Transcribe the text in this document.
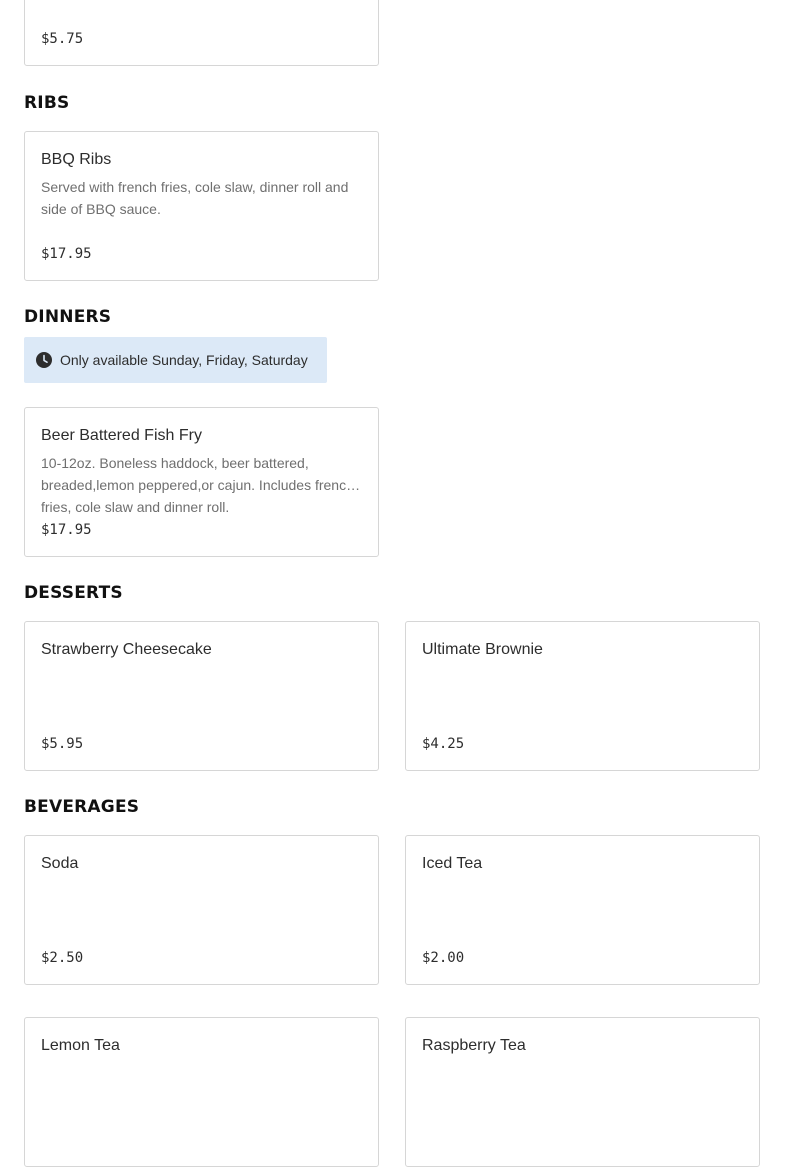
$5.75
RIBS
BBQ Ribs
Served with french fries, cole slaw, dinner roll and side of BBQ sauce.
$17.95
DINNERS
Only available Sunday, Friday, Saturday
Beer Battered Fish Fry
10-12oz. Boneless haddock, beer battered, breaded,lemon peppered,or cajun. Includes french fries, cole slaw and dinner roll.
$17.95
DESSERTS
Strawberry Cheesecake
$5.95
Ultimate Brownie
$4.25
BEVERAGES
Soda
$2.50
Iced Tea
$2.00
Lemon Tea	Raspberry Tea
